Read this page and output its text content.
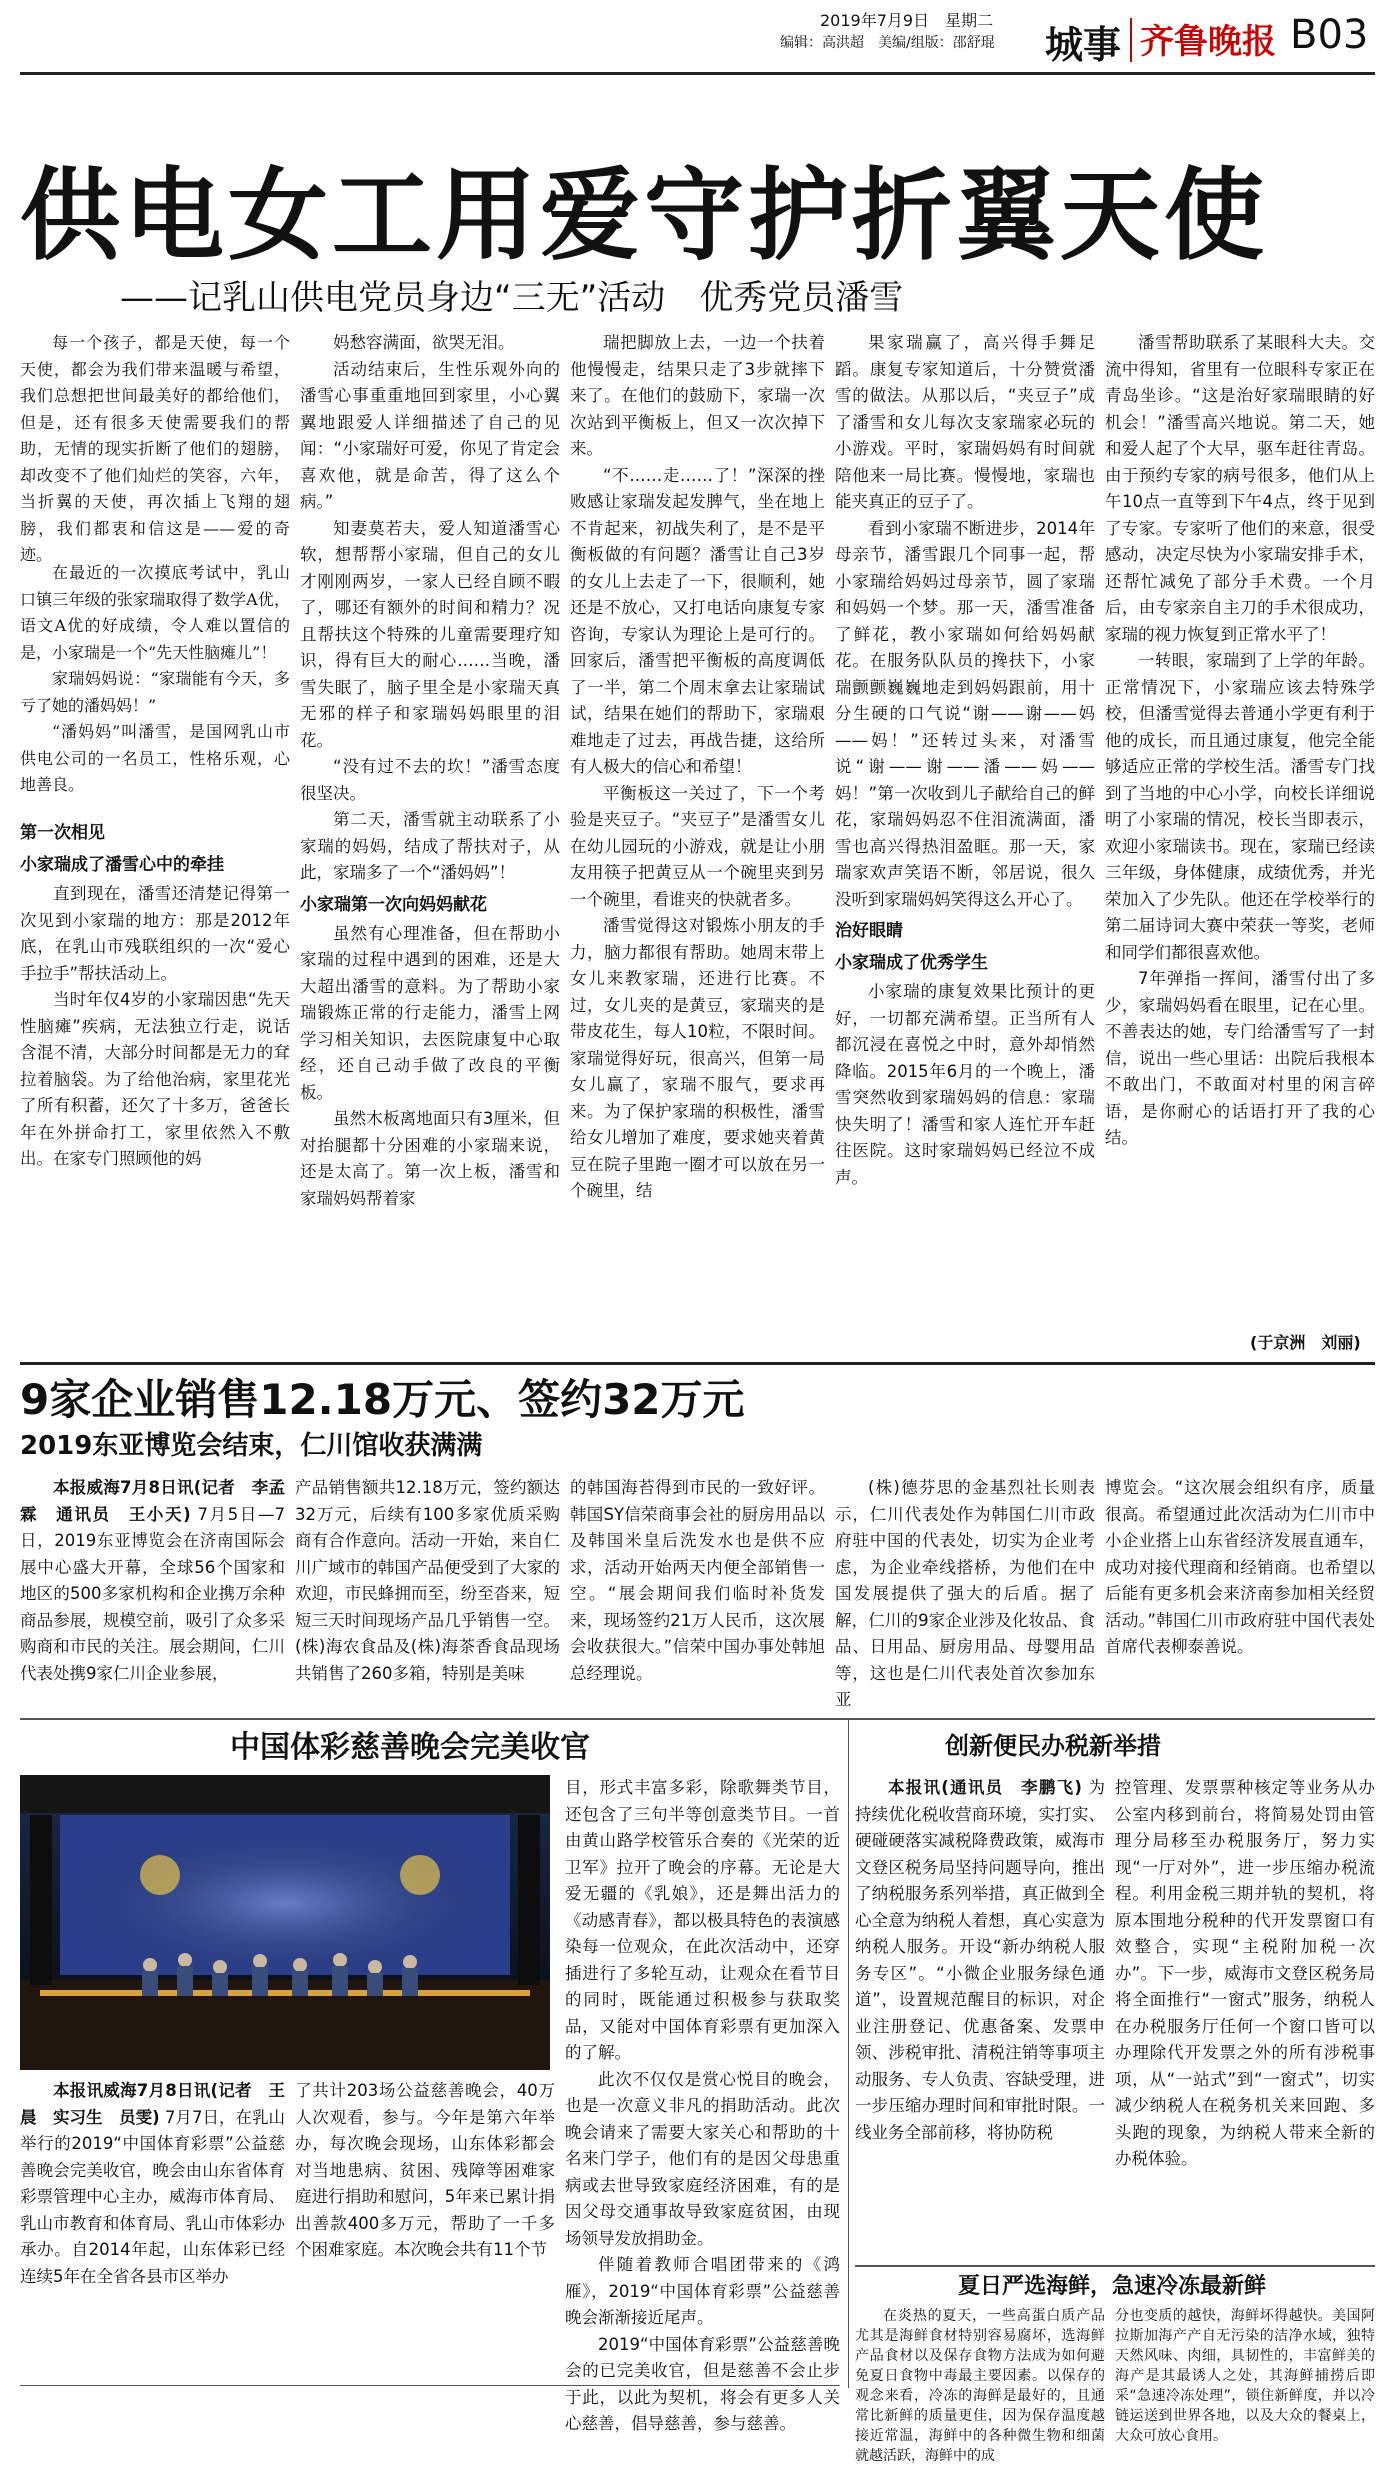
2019年7月9日　星期二
编辑：高洪超　美编/组版：邵舒琨	城事 齐鲁晚报 B03
供电女工用爱守护折翼天使
——记乳山供电党员身边“三无”活动　优秀党员潘雪
每一个孩子，都是天使，每一个天使，都会为我们带来温暖与希望，我们总想把世间最美好的都给他们，但是，还有很多天使需要我们的帮助，无情的现实折断了他们的翅膀，却改变不了他们灿烂的笑容，六年，当折翼的天使，再次插上飞翔的翅膀，我们都衷和信这是——爱的奇迹。

在最近的一次摸底考试中，乳山口镇三年级的张家瑞取得了数学A优，语文A优的好成绩，令人难以置信的是，小家瑞是一个“先天性脑瘫儿”！

家瑞妈妈说：“家瑞能有今天，多亏了她的潘妈妈！”

“潘妈妈”叫潘雪，是国网乳山市供电公司的一名员工，性格乐观，心地善良。

第一次相见
小家瑞成了潘雪心中的牵挂

直到现在，潘雪还清楚记得第一次见到小家瑞的地方：那是2012年底，在乳山市残联组织的一次“爱心手拉手”帮扶活动上。

当时年仅4岁的小家瑞因患“先天性脑瘫”疾病，无法独立行走，说话含混不清，大部分时间都是无力的耷拉着脑袋。为了给他治病，家里花光了所有积蓄，还欠了十多万，爸爸长年在外拼命打工，家里依然入不敷出。在家专门照顾他的妈

妈愁容满面，欲哭无泪。

活动结束后，生性乐观外向的潘雪心事重重地回到家里，小心翼翼地跟爱人详细描述了自己的见闻：“小家瑞好可爱，你见了肯定会喜欢他，就是命苦，得了这么个病。”

知妻莫若夫，爱人知道潘雪心软，想帮帮小家瑞，但自己的女儿才刚刚两岁，一家人已经自顾不暇了，哪还有额外的时间和精力？况且帮扶这个特殊的儿童需要理疗知识，得有巨大的耐心……当晚，潘雪失眠了，脑子里全是小家瑞天真无邪的样子和家瑞妈妈眼里的泪花。

“没有过不去的坎！”潘雪态度很坚决。

第二天，潘雪就主动联系了小家瑞的妈妈，结成了帮扶对子，从此，家瑞多了一个“潘妈妈”！

小家瑞第一次向妈妈献花

虽然有心理准备，但在帮助小家瑞的过程中遇到的困难，还是大大超出潘雪的意料。为了帮助小家瑞锻炼正常的行走能力，潘雪上网学习相关知识，去医院康复中心取经，还自己动手做了改良的平衡板。

虽然木板离地面只有3厘米，但对抬腿都十分困难的小家瑞来说，还是太高了。第一次上板，潘雪和家瑞妈妈帮着家

瑞把脚放上去，一边一个扶着他慢慢走，结果只走了3步就摔下来了。在他们的鼓励下，家瑞一次次站到平衡板上，但又一次次掉下来。

“不……走……了！”深深的挫败感让家瑞发起发脾气，坐在地上不肯起来，初战失利了，是不是平衡板做的有问题？潘雪让自己3岁的女儿上去走了一下，很顺利，她还是不放心，又打电话向康复专家咨询，专家认为理论上是可行的。回家后，潘雪把平衡板的高度调低了一半，第二个周末拿去让家瑞试试，结果在她们的帮助下，家瑞艰难地走了过去，再战告捷，这给所有人极大的信心和希望！

平衡板这一关过了，下一个考验是夹豆子。“夹豆子”是潘雪女儿在幼儿园玩的小游戏，就是让小朋友用筷子把黄豆从一个碗里夹到另一个碗里，看谁夹的快就者多。

潘雪觉得这对锻炼小朋友的手力，脑力都很有帮助。她周末带上女儿来教家瑞，还进行比赛。不过，女儿夹的是黄豆，家瑞夹的是带皮花生，每人10粒，不限时间。家瑞觉得好玩，很高兴，但第一局女儿赢了，家瑞不服气，要求再来。为了保护家瑞的积极性，潘雪给女儿增加了难度，要求她夹着黄豆在院子里跑一圈才可以放在另一个碗里，结

果家瑞赢了，高兴得手舞足蹈。康复专家知道后，十分赞赏潘雪的做法。从那以后，“夹豆子”成了潘雪和女儿每次支家瑞家必玩的小游戏。平时，家瑞妈妈有时间就陪他来一局比赛。慢慢地，家瑞也能夹真正的豆子了。

看到小家瑞不断进步，2014年母亲节，潘雪跟几个同事一起，帮小家瑞给妈妈过母亲节，圆了家瑞和妈妈一个梦。那一天，潘雪准备了鲜花，教小家瑞如何给妈妈献花。在服务队队员的搀扶下，小家瑞颤颤巍巍地走到妈妈跟前，用十分生硬的口气说“谢——谢——妈——妈！”还转过头来，对潘雪说“谢——谢——潘——妈——妈！”第一次收到儿子献给自己的鲜花，家瑞妈妈忍不住泪流满面，潘雪也高兴得热泪盈眶。那一天，家瑞家欢声笑语不断，邻居说，很久没听到家瑞妈妈笑得这么开心了。

治好眼睛
小家瑞成了优秀学生

小家瑞的康复效果比预计的更好，一切都充满希望。正当所有人都沉浸在喜悦之中时，意外却悄然降临。2015年6月的一个晚上，潘雪突然收到家瑞妈妈的信息：家瑞快失明了！潘雪和家人连忙开车赶往医院。这时家瑞妈妈已经泣不成声。

潘雪帮助联系了某眼科大夫。交流中得知，省里有一位眼科专家正在青岛坐诊。“这是治好家瑞眼睛的好机会！”潘雪高兴地说。第二天，她和爱人起了个大早，驱车赶往青岛。由于预约专家的病号很多，他们从上午10点一直等到下午4点，终于见到了专家。专家听了他们的来意，很受感动，决定尽快为小家瑞安排手术，还帮忙减免了部分手术费。一个月后，由专家亲自主刀的手术很成功，家瑞的视力恢复到正常水平了！

一转眼，家瑞到了上学的年龄。正常情况下，小家瑞应该去特殊学校，但潘雪觉得去普通小学更有利于他的成长，而且通过康复，他完全能够适应正常的学校生活。潘雪专门找到了当地的中心小学，向校长详细说明了小家瑞的情况，校长当即表示，欢迎小家瑞读书。现在，家瑞已经读三年级，身体健康，成绩优秀，并光荣加入了少先队。他还在学校举行的第二届诗词大赛中荣获一等奖，老师和同学们都很喜欢他。

7年弹指一挥间，潘雪付出了多少，家瑞妈妈看在眼里，记在心里。不善表达的她，专门给潘雪写了一封信，说出一些心里话：出院后我根本不敢出门，不敢面对村里的闲言碎语，是你耐心的话语打开了我的心结。

(于京洲　刘丽)
9家企业销售12.18万元、签约32万元
2019东亚博览会结束，仁川馆收获满满
本报威海7月8日讯(记者　李孟霖　通讯员　王小天) 7月5日—7日，2019东亚博览会在济南国际会展中心盛大开幕，全球56个国家和地区的500多家机构和企业携万余种商品参展，规模空前，吸引了众多采购商和市民的关注。展会期间，仁川代表处携9家仁川企业参展，
产品销售额共12.18万元，签约额达32万元，后续有100多家优质采购商有合作意向。活动一开始，来自仁川广域市的韩国产品便受到了大家的欢迎，市民蜂拥而至，纷至沓来，短短三天时间现场产品几乎销售一空。(株)海农食品及(株)海茶香食品现场共销售了260多箱，特别是美味
的韩国海苔得到市民的一致好评。韩国SY信荣商事会社的厨房用品以及韩国米皇后洗发水也是供不应求，活动开始两天内便全部销售一空。“展会期间我们临时补货发来，现场签约21万人民币，这次展会收获很大。”信荣中国办事处韩旭总经理说。
(株)德芬思的金基烈社长则表示，仁川代表处作为韩国仁川市政府驻中国的代表处，切实为企业考虑，为企业牵线搭桥，为他们在中国发展提供了强大的后盾。据了解，仁川的9家企业涉及化妆品、食品、日用品、厨房用品、母婴用品等，这也是仁川代表处首次参加东亚
博览会。“这次展会组织有序，质量很高。希望通过此次活动为仁川市中小企业搭上山东省经济发展直通车，成功对接代理商和经销商。也希望以后能有更多机会来济南参加相关经贸活动。”韩国仁川市政府驻中国代表处首席代表柳泰善说。
中国体彩慈善晚会完美收官
本报讯威海7月8日讯(记者　王晨　实习生　员雯) 7月7日，在乳山举行的2019“中国体育彩票”公益慈善晚会完美收官，晚会由山东省体育彩票管理中心主办，威海市体育局、乳山市教育和体育局、乳山市体彩办承办。自2014年起，山东体彩已经连续5年在全省各县市区举办
了共计203场公益慈善晚会，40万人次观看，参与。今年是第六年举办，每次晚会现场，山东体彩都会对当地患病、贫困、残障等困难家庭进行捐助和慰问，5年来已累计捐出善款400多万元，帮助了一千多个困难家庭。本次晚会共有11个节

目，形式丰富多彩，除歌舞类节目，还包含了三句半等创意类节目。一首由黄山路学校管乐合奏的《光荣的近卫军》拉开了晚会的序幕。无论是大爱无疆的《乳娘》，还是舞出活力的《动感青春》，都以极具特色的表演感染每一位观众，在此次活动中，还穿插进行了多轮互动，让观众在看节目的同时，既能通过积极参与获取奖品，又能对中国体育彩票有更加深入的了解。

此次不仅仅是赏心悦目的晚会，也是一次意义非凡的捐助活动。此次晚会请来了需要大家关心和帮助的十名来门学子，他们有的是因父母患重病或去世导致家庭经济困难，有的是因父母交通事故导致家庭贫困，由现场领导发放捐助金。

伴随着教师合唱团带来的《鸿雁》，2019“中国体育彩票”公益慈善晚会渐渐接近尾声。

2019“中国体育彩票”公益慈善晚会的已完美收官，但是慈善不会止步于此，以此为契机，将会有更多人关心慈善，倡导慈善，参与慈善。

创新便民办税新举措
本报讯(通讯员　李鹏飞) 为持续优化税收营商环境，实打实、硬碰硬落实减税降费政策，威海市文登区税务局坚持问题导向，推出了纳税服务系列举措，真正做到全心全意为纳税人着想，真心实意为纳税人服务。开设“新办纳税人服务专区”。“小微企业服务绿色通道”，设置规范醒目的标识，对企业注册登记、优惠备案、发票申领、涉税审批、清税注销等事项主动服务、专人负责、容缺受理，进一步压缩办理时间和审批时限。一线业务全部前移，将协防税
控管理、发票票种核定等业务从办公室内移到前台，将简易处罚由管理分局移至办税服务厅，努力实现“一厅对外”，进一步压缩办税流程。利用金税三期并轨的契机，将原本围地分税种的代开发票窗口有效整合，实现“主税附加税一次办”。下一步，威海市文登区税务局将全面推行“一窗式”服务，纳税人在办税服务厅任何一个窗口皆可以办理除代开发票之外的所有涉税事项，从“一站式”到“一窗式”，切实减少纳税人在税务机关来回跑、多头跑的现象，为纳税人带来全新的办税体验。
夏日严选海鲜，急速冷冻最新鲜
在炎热的夏天，一些高蛋白质产品尤其是海鲜食材特别容易腐坏，选海鲜产品食材以及保存食物方法成为如何避免夏日食物中毒最主要因素。以保存的观念来看，冷冻的海鲜是最好的，且通常比新鲜的质量更佳，因为保存温度越接近常温，海鲜中的各种微生物和细菌就越活跃，海鲜中的成
分也变质的越快，海鲜坏得越快。美国阿拉斯加海产产自无污染的洁净水域，独特天然风味、肉细，具韧性的，丰富鲜美的海产是其最诱人之处，其海鲜捕捞后即采“急速冷冻处理”，锁住新鲜度，并以冷链运送到世界各地，以及大众的餐桌上，大众可放心食用。
